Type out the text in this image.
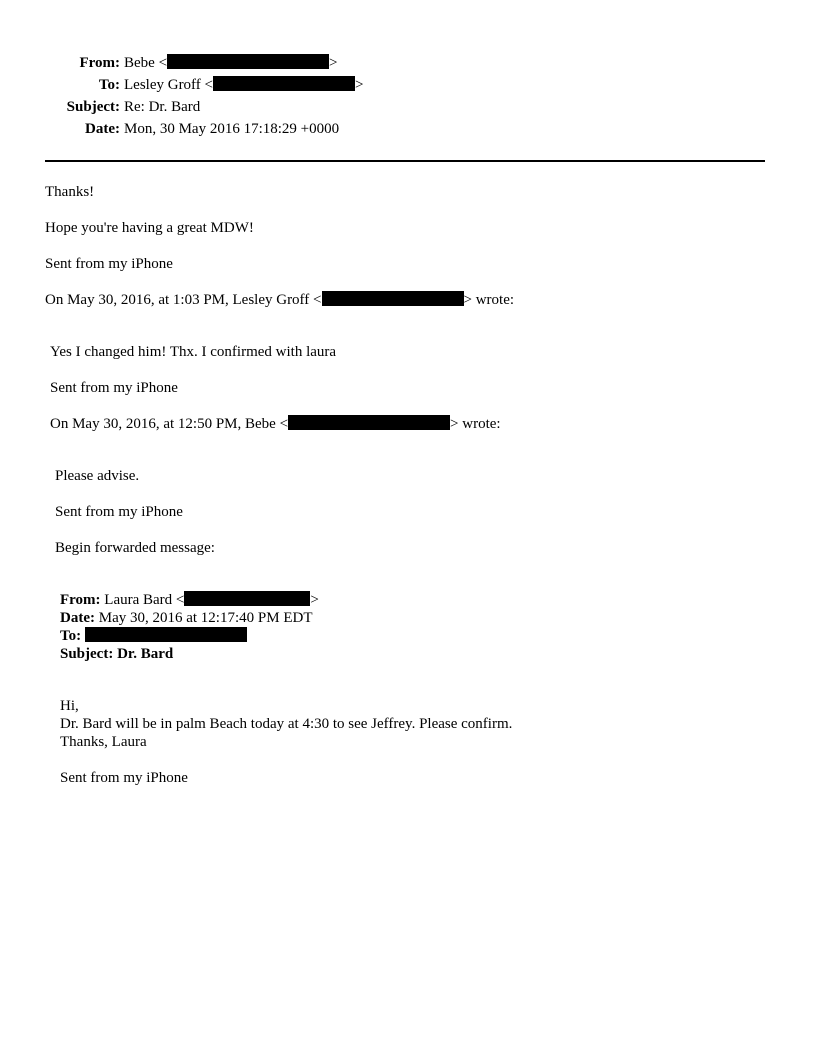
From: Bebe <	>
To: Lesley Groff <	>
Subject: Re: Dr. Bard
Date: Mon, 30 May 2016 17:18:29 +0000
Thanks!
Hope you're having a great MDW!
Sent from my iPhone
On May 30, 2016, at 1:03 PM, Lesley Groff <	> wrote:
Yes I changed him! Thx. I confirmed with laura
Sent from my iPhone
On May 30, 2016, at 12:50 PM, Bebe <	> wrote:
Please advise.
Sent from my iPhone
Begin forwarded message:
From: Laura Bard <	>
Date: May 30, 2016 at 12:17:40 PM EDT
To:
Subject: Dr. Bard
Hi,
Dr. Bard will be in palm Beach today at 4:30 to see Jeffrey. Please confirm.
Thanks, Laura
Sent from my iPhone
